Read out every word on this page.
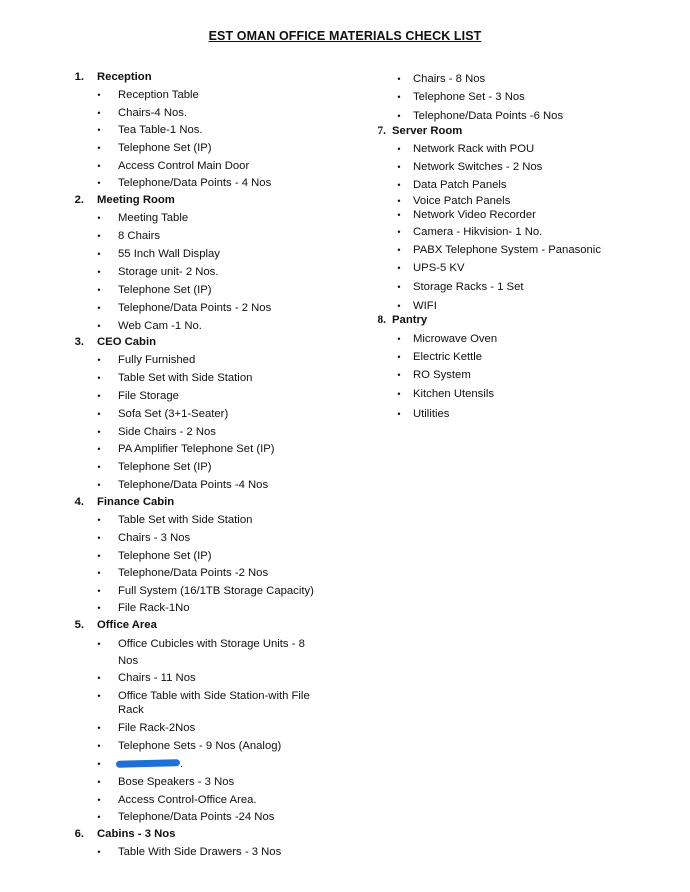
EST OMAN OFFICE MATERIALS CHECK LIST
1. Reception
•	Reception Table
•	Chairs-4 Nos.
•	Tea Table-1 Nos.
•	Telephone Set (IP)
•	Access Control Main Door
•	Telephone/Data Points - 4 Nos
2. Meeting Room
•	Meeting Table
•	8 Chairs
•	55 Inch Wall Display
•	Storage unit- 2 Nos.
•	Telephone Set (IP)
•	Telephone/Data Points - 2 Nos
•	Web Cam -1 No.
3. CEO Cabin
•	Fully Furnished
•	Table Set with Side Station
•	File Storage
•	Sofa Set (3+1-Seater)
•	Side Chairs - 2 Nos
•	PA Amplifier Telephone Set (IP)
•	Telephone Set (IP)
•	Telephone/Data Points -4 Nos
4. Finance Cabin
•	Table Set with Side Station
•	Chairs - 3 Nos
•	Telephone Set (IP)
•	Telephone/Data Points -2 Nos
•	Full System (16/1TB Storage Capacity)
•	File Rack-1No
5. Office Area
•	Office Cubicles with Storage Units - 8
Nos
•	Chairs - 11 Nos
•	Office Table with Side Station-with File
Rack
•	File Rack-2Nos
•	Telephone Sets - 9 Nos (Analog)
•	.
•	Bose Speakers - 3 Nos
•	Access Control-Office Area.
•	Telephone/Data Points -24 Nos
6. Cabins - 3 Nos
•	Table With Side Drawers - 3 Nos
•	Chairs - 8 Nos
•	Telephone Set - 3 Nos
•	Telephone/Data Points -6 Nos
7. Server Room
•	Network Rack with POU
•	Network Switches - 2 Nos
•	Data Patch Panels
•	Voice Patch Panels
•	Network Video Recorder
•	Camera - Hikvision- 1 No.
•	PABX Telephone System - Panasonic
•	UPS-5 KV
•	Storage Racks - 1 Set
•	WIFI
8. Pantry
•	Microwave Oven
•	Electric Kettle
•	RO System
•	Kitchen Utensils
•	Utilities
